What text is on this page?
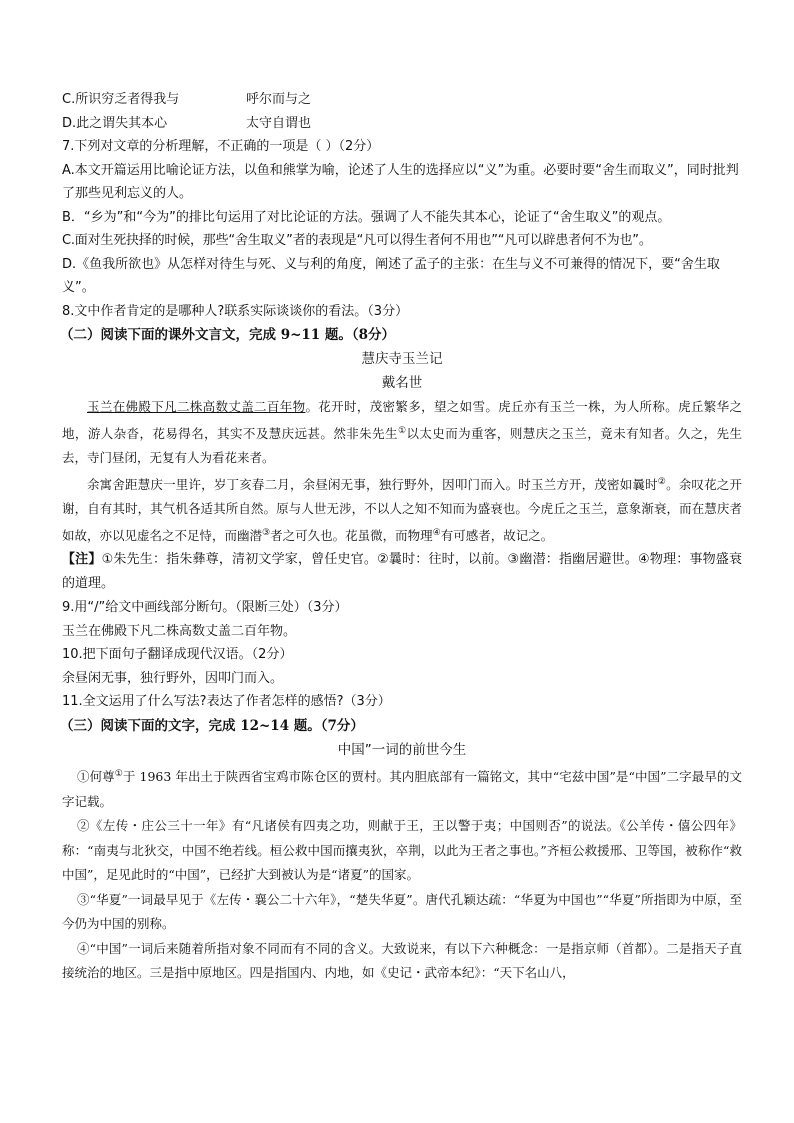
C.所识穷乏者得我与	呼尔而与之
D.此之谓失其本心	太守自谓也
7.下列对文章的分析理解，不正确的一项是（ ）（2分）
A.本文开篇运用比喻论证方法，以鱼和熊掌为喻，论述了人生的选择应以“义”为重。必要时要“舍生而取义”，同时批判了那些见利忘义的人。
B．“乡为”和“今为”的排比句运用了对比论证的方法。强调了人不能失其本心，论证了“舍生取义”的观点。
C.面对生死抉择的时候，那些“舍生取义”者的表现是“凡可以得生者何不用也”“凡可以辟患者何不为也”。
D.《鱼我所欲也》从怎样对待生与死、义与利的角度，阐述了孟子的主张：在生与义不可兼得的情况下，要“舍生取义”。
8.文中作者肯定的是哪种人?联系实际谈谈你的看法。（3分）
（二）阅读下面的课外文言文，完成 9~11 题。（8分）
慧庆寺玉兰记
戴名世
玉兰在佛殿下凡二株高数丈盖二百年物。花开时，茂密繁多，望之如雪。虎丘亦有玉兰一株，为人所称。虎丘繁华之地，游人杂沓，花易得名，其实不及慧庆远甚。然非朱先生①以太史而为重客，则慧庆之玉兰，竟未有知者。久之，先生去，寺门昼闭，无复有人为看花来者。
余寓舍距慧庆一里许，岁丁亥春二月，余昼闲无事，独行野外，因叩门而入。时玉兰方开，茂密如曩时②。余叹花之开谢，自有其时，其气机各适其所自然。原与人世无涉，不以人之知不知而为盛衰也。今虎丘之玉兰，意象渐衰，而在慧庆者如故，亦以见虚名之不足恃，而幽潜③者之可久也。花虽微，而物理④有可感者，故记之。
【注】①朱先生：指朱彝尊，清初文学家，曾任史官。②曩时：往时，以前。③幽潜：指幽居避世。④物理：事物盛衰的道理。
9.用“/”给文中画线部分断句。（限断三处）（3分）
玉兰在佛殿下凡二株高数丈盖二百年物。
10.把下面句子翻译成现代汉语。（2分）
余昼闲无事，独行野外，因叩门而入。
11.全文运用了什么写法?表达了作者怎样的感悟?（3分）
（三）阅读下面的文字，完成 12~14 题。（7分）
中国”一词的前世今生
①何尊①于 1963 年出土于陕西省宝鸡市陈仓区的贾村。其内胆底部有一篇铭文，其中“宅兹中国”是“中国”二字最早的文字记载。
②《左传・庄公三十一年》有“凡诸侯有四夷之功，则献于王，王以警于夷；中国则否”的说法。《公羊传・僖公四年》称：“南夷与北狄交，中国不绝若线。桓公救中国而攘夷狄，卒荆，以此为王者之事也。”齐桓公救援邢、卫等国，被称作“救中国”，足见此时的“中国”，已经扩大到被认为是“诸夏”的国家。
③“华夏”一词最早见于《左传・襄公二十六年》，“楚失华夏”。唐代孔颖达疏：“华夏为中国也”“华夏”所指即为中原，至今仍为中国的别称。
④“中国”一词后来随着所指对象不同而有不同的含义。大致说来，有以下六种概念：一是指京师（首都）。二是指天子直接统治的地区。三是指中原地区。四是指国内、内地，如《史记・武帝本纪》：“天下名山八，
